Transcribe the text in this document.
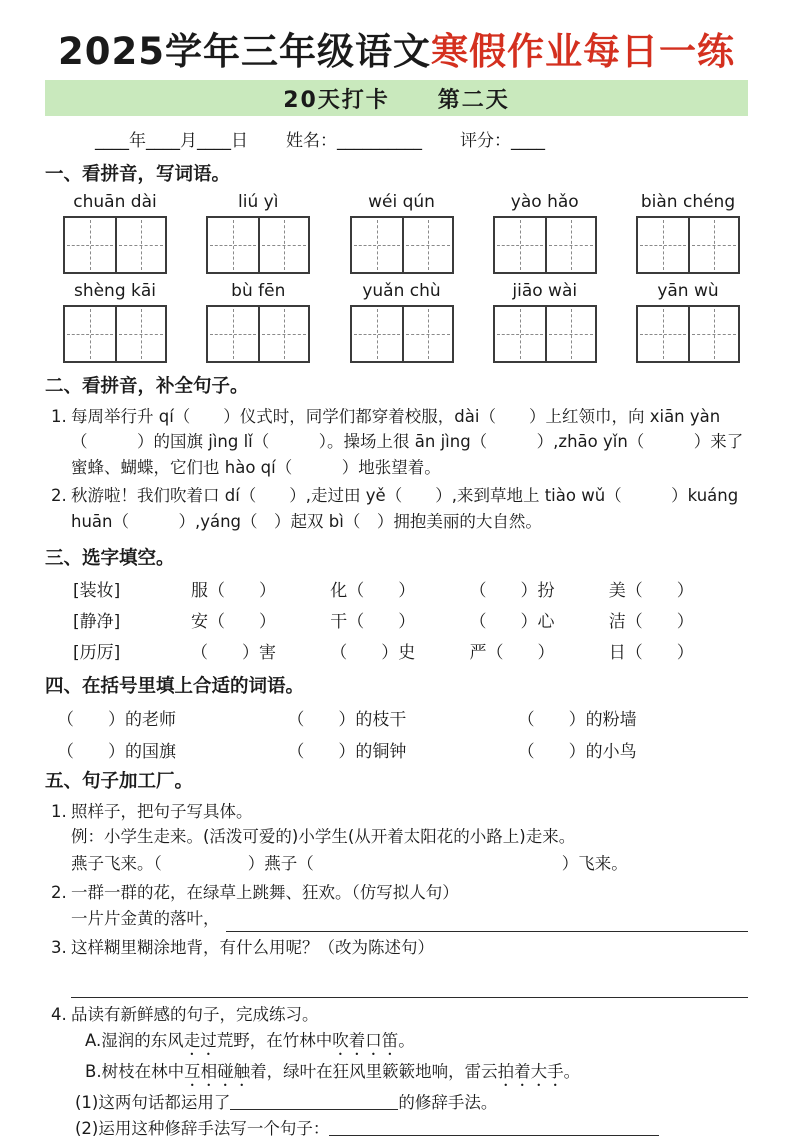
2025学年三年级语文寒假作业每日一练
20天打卡　　第二天
____年____月____日 姓名：__________ 评分：____
一、看拼音，写词语。
chuān dài	liú yì	wéi qún	yào hǎo	biàn chéng
shèng kāi	bù fēn	yuǎn chù	jiāo wài	yān wù
二、看拼音，补全句子。
1. 每周举行升 qí（　　）仪式时，同学们都穿着校服，dài（　　）上红领巾，向 xiān yàn（　　　）的国旗 jìng lǐ（　　　）。操场上很 ān jìng（　　　）,zhāo yǐn（　　　）来了蜜蜂、蝴蝶，它们也 hào qí（　　　）地张望着。
2. 秋游啦！我们吹着口 dí（　　）,走过田 yě（　　）,来到草地上 tiào wǔ（　　　）kuáng huān（　　　）,yáng（　）起双 bì（　）拥抱美丽的大自然。
三、选字填空。
[装妆]	服（　　）	化（　　）	（　　）扮	美（　　）
[静净]	安（　　）	干（　　）	（　　）心	洁（　　）
[历厉]	（　　）害	（　　）史	严（　　）	日（　　）
四、在括号里填上合适的词语。
（　　）的老师	（　　）的枝干	（　　）的粉墙
（　　）的国旗	（　　）的铜钟	（　　）的小鸟
五、句子加工厂。
1. 照样子，把句子写具体。
例：小学生走来。(活泼可爱的)小学生(从开着太阳花的小路上)走来。
燕子飞来。（	）燕子（	）飞来。
2. 一群一群的花，在绿草上跳舞、狂欢。（仿写拟人句）
一片片金黄的落叶，
3. 这样糊里糊涂地背，有什么用呢？（改为陈述句）
4. 品读有新鲜感的句子，完成练习。
A.湿润的东风走过荒野，在竹林中吹着口笛。
B.树枝在林中互相碰触着，绿叶在狂风里簌簌地响，雷云拍着大手。
(1)这两句话都运用了	的修辞手法。
(2)运用这种修辞手法写一个句子：
